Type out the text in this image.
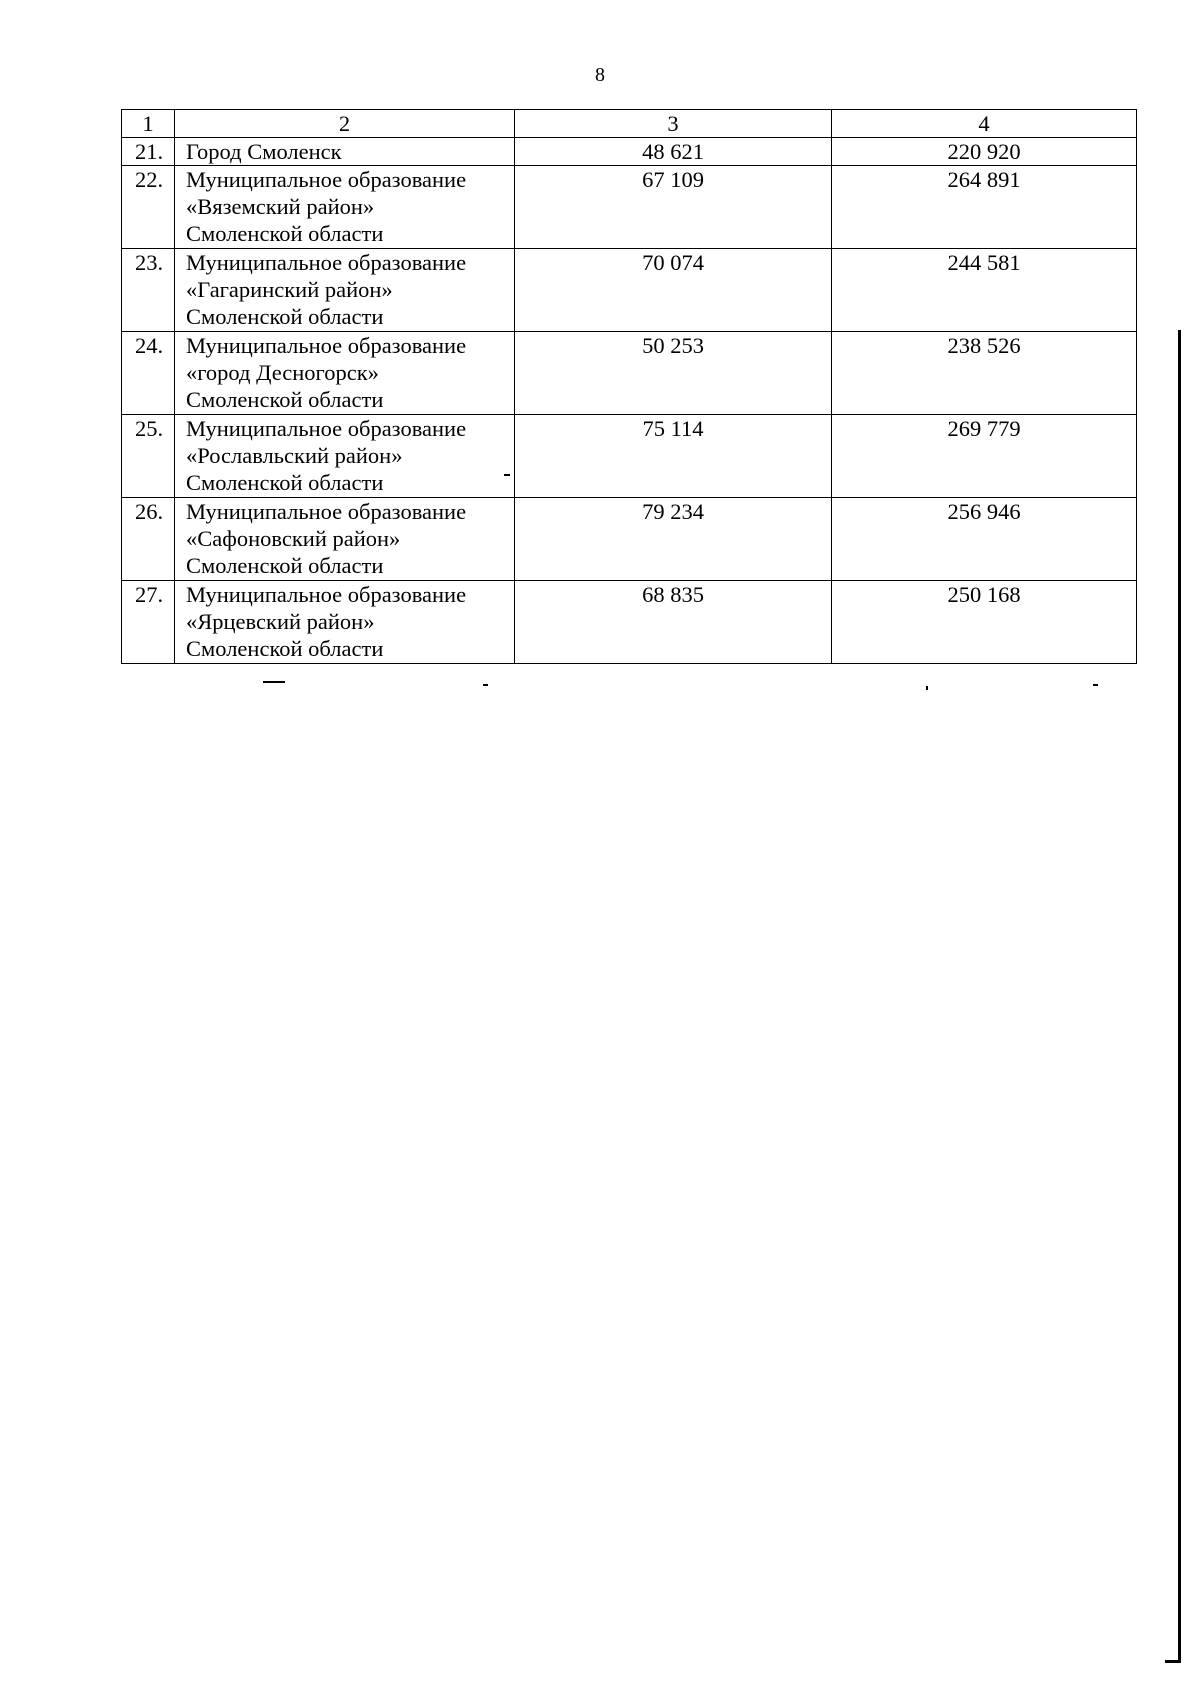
8
1	2	3	4
21.	Город Смоленск	48 621	220 920
22.	Муниципальное образование
«Вяземский район»
Смоленской области	67 109	264 891
23.	Муниципальное образование
«Гагаринский район»
Смоленской области	70 074	244 581
24.	Муниципальное образование
«город Десногорск»
Смоленской области	50 253	238 526
25.	Муниципальное образование
«Рославльский район»
Смоленской области	75 114	269 779
26.	Муниципальное образование
«Сафоновский район»
Смоленской области	79 234	256 946
27.	Муниципальное образование
«Ярцевский район»
Смоленской области	68 835	250 168
